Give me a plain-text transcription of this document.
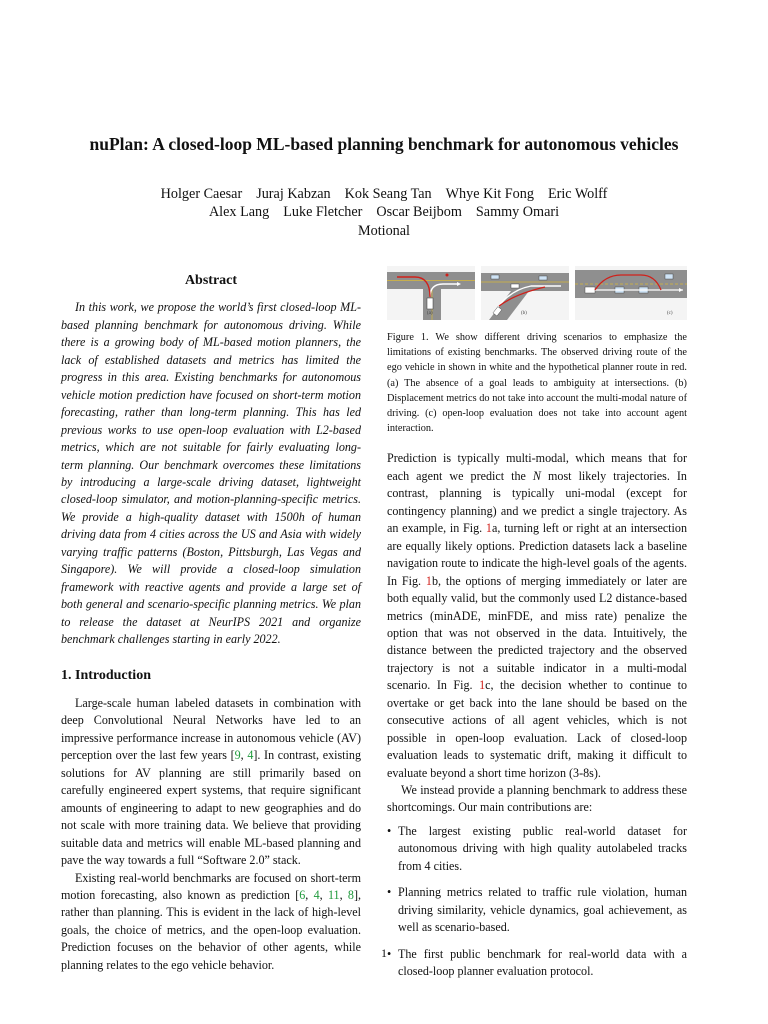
nuPlan: A closed-loop ML-based planning benchmark for autonomous vehicles
Holger Caesar Juraj Kabzan Kok Seang Tan Whye Kit Fong Eric Wolff
Alex Lang Luke Fletcher Oscar Beijbom Sammy Omari
Motional
Abstract

In this work, we propose the world’s first closed-loop ML-based planning benchmark for autonomous driving. While there is a growing body of ML-based motion planners, the lack of established datasets and metrics has limited the progress in this area. Existing benchmarks for autonomous vehicle motion prediction have focused on short-term motion forecasting, rather than long-term planning. This has led previous works to use open-loop evaluation with L2-based metrics, which are not suitable for fairly evaluating long-term planning. Our benchmark overcomes these limitations by introducing a large-scale driving dataset, lightweight closed-loop simulator, and motion-planning-specific metrics. We provide a high-quality dataset with 1500h of human driving data from 4 cities across the US and Asia with widely varying traffic patterns (Boston, Pittsburgh, Las Vegas and Singapore). We will provide a closed-loop simulation framework with reactive agents and provide a large set of both general and scenario-specific planning metrics. We plan to release the dataset at NeurIPS 2021 and organize benchmark challenges starting in early 2022.

1. Introduction

Large-scale human labeled datasets in combination with deep Convolutional Neural Networks have led to an impressive performance increase in autonomous vehicle (AV) perception over the last few years [9, 4]. In contrast, existing solutions for AV planning are still primarily based on carefully engineered expert systems, that require significant amounts of engineering to adapt to new geographies and do not scale with more training data. We believe that providing suitable data and metrics will enable ML-based planning and pave the way towards a full “Software 2.0” stack.

Existing real-world benchmarks are focused on short-term motion forecasting, also known as prediction [6, 4, 11, 8], rather than planning. This is evident in the lack of high-level goals, the choice of metrics, and the open-loop evaluation. Prediction focuses on the behavior of other agents, while planning relates to the ego vehicle behavior.

(a)	(b)	(c)
Figure 1. We show different driving scenarios to emphasize the limitations of existing benchmarks. The observed driving route of the ego vehicle in shown in white and the hypothetical planner route in red. (a) The absence of a goal leads to ambiguity at intersections. (b) Displacement metrics do not take into account the multi-modal nature of driving. (c) open-loop evaluation does not take into account agent interaction.

Prediction is typically multi-modal, which means that for each agent we predict the N most likely trajectories. In contrast, planning is typically uni-modal (except for contingency planning) and we predict a single trajectory. As an example, in Fig. 1a, turning left or right at an intersection are equally likely options. Prediction datasets lack a baseline navigation route to indicate the high-level goals of the agents. In Fig. 1b, the options of merging immediately or later are both equally valid, but the commonly used L2 distance-based metrics (minADE, minFDE, and miss rate) penalize the option that was not observed in the data. Intuitively, the distance between the predicted trajectory and the observed trajectory is not a suitable indicator in a multi-modal scenario. In Fig. 1c, the decision whether to continue to overtake or get back into the lane should be based on the consecutive actions of all agent vehicles, which is not possible in open-loop evaluation. Lack of closed-loop evaluation leads to systematic drift, making it difficult to evaluate beyond a short time horizon (3-8s).

We instead provide a planning benchmark to address these shortcomings. Our main contributions are:

• The largest existing public real-world dataset for autonomous driving with high quality autolabeled tracks from 4 cities.
• Planning metrics related to traffic rule violation, human driving similarity, vehicle dynamics, goal achievement, as well as scenario-based.
• The first public benchmark for real-world data with a closed-loop planner evaluation protocol.
1
